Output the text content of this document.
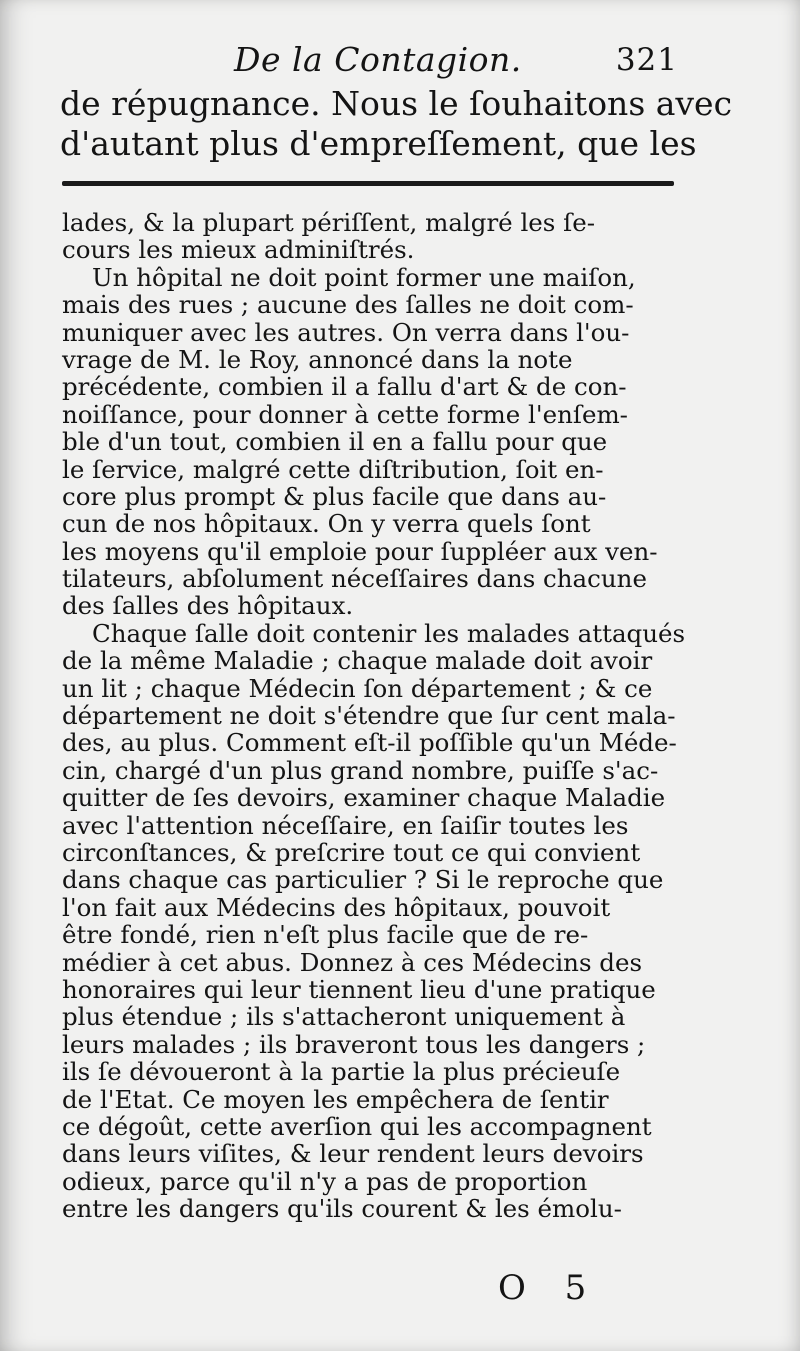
De la Contagion.	321
de répugnance. Nous le ſouhaitons avec
d'autant plus d'empreſſement, que les
lades, & la plupart périſſent, malgré les ſe-
cours les mieux adminiſtrés.
Un hôpital ne doit point former une maiſon,
mais des rues ; aucune des ſalles ne doit com-
muniquer avec les autres. On verra dans l'ou-
vrage de M. le Roy, annoncé dans la note
précédente, combien il a fallu d'art & de con-
noiſſance, pour donner à cette forme l'enſem-
ble d'un tout, combien il en a fallu pour que
le ſervice, malgré cette diſtribution, ſoit en-
core plus prompt & plus facile que dans au-
cun de nos hôpitaux. On y verra quels ſont
les moyens qu'il emploie pour ſuppléer aux ven-
tilateurs, abſolument néceſſaires dans chacune
des ſalles des hôpitaux.
Chaque ſalle doit contenir les malades attaqués
de la même Maladie ; chaque malade doit avoir
un lit ; chaque Médecin ſon département ; & ce
département ne doit s'étendre que ſur cent mala-
des, au plus. Comment eſt-il poſſible qu'un Méde-
cin, chargé d'un plus grand nombre, puiſſe s'ac-
quitter de ſes devoirs, examiner chaque Maladie
avec l'attention néceſſaire, en ſaiſir toutes les
circonſtances, & preſcrire tout ce qui convient
dans chaque cas particulier ? Si le reproche que
l'on fait aux Médecins des hôpitaux, pouvoit
être fondé, rien n'eſt plus facile que de re-
médier à cet abus. Donnez à ces Médecins des
honoraires qui leur tiennent lieu d'une pratique
plus étendue ; ils s'attacheront uniquement à
leurs malades ; ils braveront tous les dangers ;
ils ſe dévoueront à la partie la plus précieuſe
de l'Etat. Ce moyen les empêchera de ſentir
ce dégoût, cette averſion qui les accompagnent
dans leurs viſites, & leur rendent leurs devoirs
odieux, parce qu'il n'y a pas de proportion
entre les dangers qu'ils courent & les émolu-
O 5
